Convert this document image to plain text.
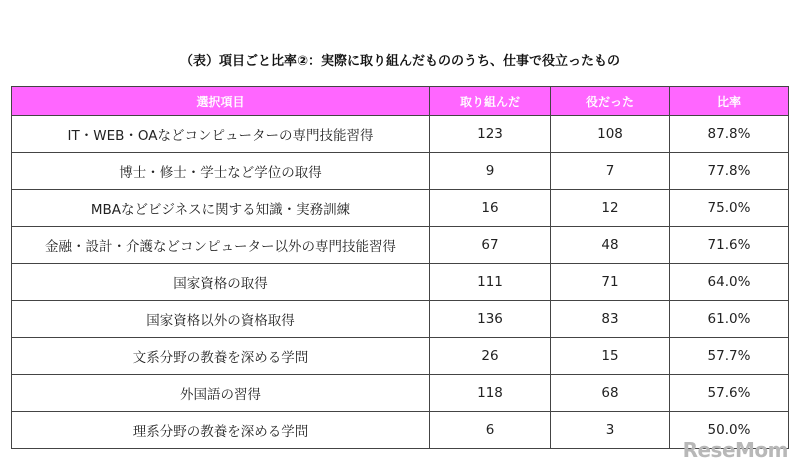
（表）項目ごと比率②：実際に取り組んだもののうち、仕事で役立ったもの
選択項目	取り組んだ	役だった	比率
IT・WEB・OAなどコンピューターの専門技能習得	123	108	87.8%
博士・修士・学士など学位の取得	9	7	77.8%
MBAなどビジネスに関する知識・実務訓練	16	12	75.0%
金融・設計・介護などコンピューター以外の専門技能習得	67	48	71.6%
国家資格の取得	111	71	64.0%
国家資格以外の資格取得	136	83	61.0%
文系分野の教養を深める学問	26	15	57.7%
外国語の習得	118	68	57.6%
理系分野の教養を深める学問	6	3	50.0%
ReseMom
